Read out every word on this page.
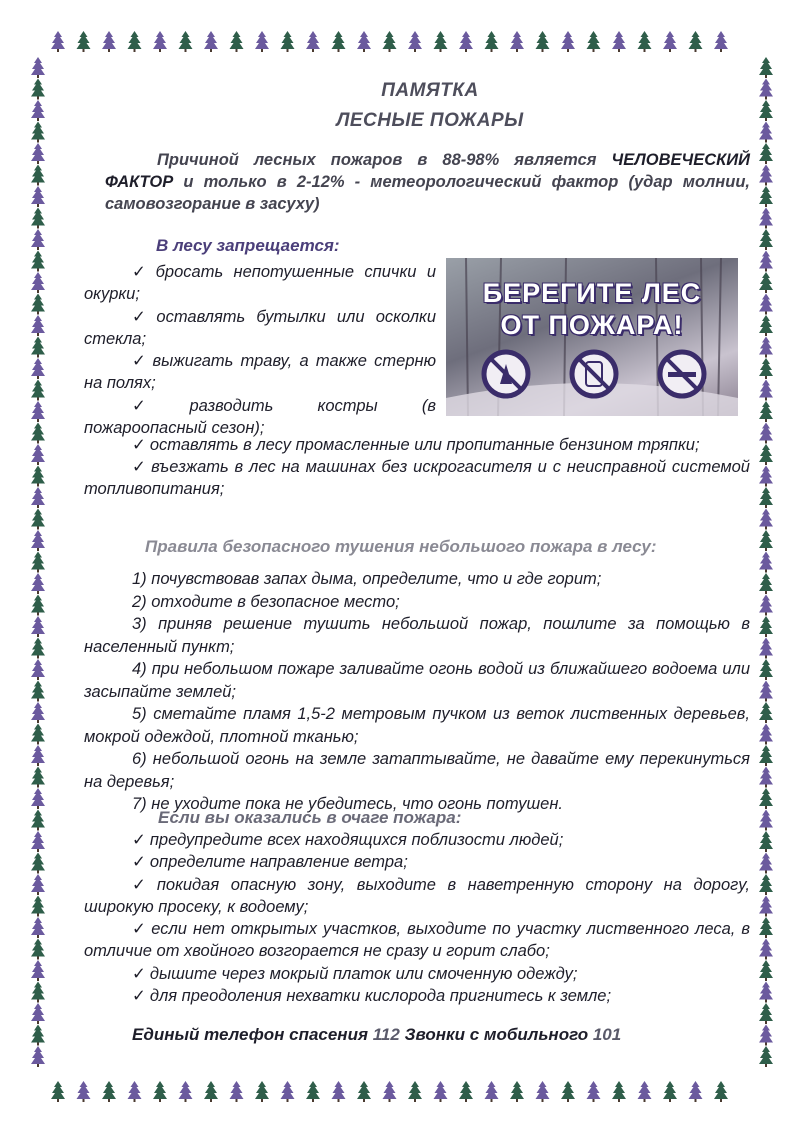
ПАМЯТКА
ЛЕСНЫЕ ПОЖАРЫ
Причиной лесных пожаров в 88-98% является ЧЕЛОВЕЧЕСКИЙ ФАКТОР и только в 2-12% - метеорологический фактор (удар молнии, самовозгорание в засуху)
В лесу запрещается:

✓ бросать непотушенные спички и окурки;

✓ оставлять бутылки или осколки стекла;

✓ выжигать траву, а также стерню на полях;

✓ разводить костры (в пожароопасный сезон);

БЕРЕГИТЕ ЛЕС
ОТ ПОЖАРА!

✓ оставлять в лесу промасленные или пропитанные бензином тряпки;

✓ въезжать в лес на машинах без искрогасителя и с неисправной системой топливопитания;

Правила безопасного тушения небольшого пожара в лесу:

1) почувствовав запах дыма, определите, что и где горит;

2) отходите в безопасное место;

3) приняв решение тушить небольшой пожар, пошлите за помощью в населенный пункт;

4) при небольшом пожаре заливайте огонь водой из ближайшего водоема или засыпайте землей;

5) сметайте пламя 1,5-2 метровым пучком из веток лиственных деревьев, мокрой одеждой, плотной тканью;

6) небольшой огонь на земле затаптывайте, не давайте ему перекинуться на деревья;

7) не уходите пока не убедитесь, что огонь потушен.

Если вы оказались в очаге пожара:

✓ предупредите всех находящихся поблизости людей;

✓ определите направление ветра;

✓ покидая опасную зону, выходите в наветренную сторону на дорогу, широкую просеку, к водоему;

✓ если нет открытых участков, выходите по участку лиственного леса, в отличие от хвойного возгорается не сразу и горит слабо;

✓ дышите через мокрый платок или смоченную одежду;

✓ для преодоления нехватки кислорода пригнитесь к земле;

Единый телефон спасения 112 Звонки с мобильного 101
